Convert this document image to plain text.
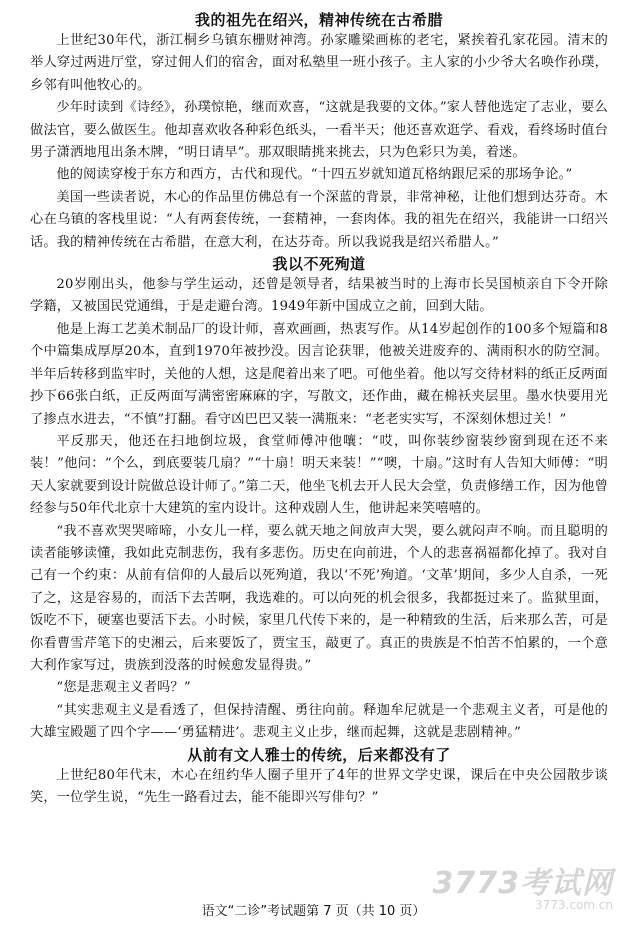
我的祖先在绍兴，精神传统在古希腊

上世纪30年代，浙江桐乡乌镇东栅财神湾。孙家雕梁画栋的老宅，紧挨着孔家花园。清末的举人穿过两进厅堂，穿过佣人们的宿舍，面对私塾里一班小孩子。主人家的小少爷大名唤作孙璞，乡邻有叫他牧心的。

少年时读到《诗经》，孙璞惊艳，继而欢喜，“这就是我要的文体。”家人替他选定了志业，要么做法官，要么做医生。他却喜欢收各种彩色纸头，一看半天；他还喜欢逛学、看戏，看终场时值台男子潇洒地甩出条木牌，“明日请早”。那双眼睛挑来挑去，只为色彩只为美，着迷。

他的阅读穿梭于东方和西方，古代和现代。“十四五岁就知道瓦格纳跟尼采的那场争论。”

美国一些读者说，木心的作品里仿佛总有一个深蓝的背景，非常神秘，让他们想到达芬奇。木心在乌镇的客栈里说：“人有两套传统，一套精神，一套肉体。我的祖先在绍兴，我能讲一口绍兴话。我的精神传统在古希腊，在意大利，在达芬奇。所以我说我是绍兴希腊人。”

我以不死殉道

20岁刚出头，他参与学生运动，还曾是领导者，结果被当时的上海市长吴国桢亲自下令开除学籍，又被国民党通缉，于是走避台湾。1949年新中国成立之前，回到大陆。

他是上海工艺美术制品厂的设计师，喜欢画画，热衷写作。从14岁起创作的100多个短篇和8个中篇集成厚厚20本，直到1970年被抄没。因言论获罪，他被关进废弃的、满雨积水的防空洞。半年后转移到监牢时，关他的人想，这是爬着出来了吧。可他坐着。他以写交待材料的纸正反两面抄下66张白纸，正反两面写满密密麻麻的字，写散文，还作曲，藏在棉袄夹层里。墨水快要用光了掺点水进去，“不慎”打翻。看守凶巴巴又装一满瓶来：“老老实实写，不深刻休想过关！”

平反那天，他还在扫地倒垃圾，食堂师傅冲他嚷：“哎，叫你装纱窗装纱窗到现在还不来装！”他问：“个么，到底要装几扇？”“十扇！明天来装！”“噢，十扇。”这时有人告知大师傅：“明天人家就要到设计院做总设计师了。”第二天，他坐飞机去开人民大会堂，负责修缮工作，因为他曾经参与50年代北京十大建筑的室内设计。这种戏剧人生，他讲起来笑嘻嘻的。

“我不喜欢哭哭啼啼，小女儿一样，要么就天地之间放声大哭，要么就闷声不响。而且聪明的读者能够读懂，我如此克制悲伤，我有多悲伤。历史在向前进，个人的悲喜祸福都化掉了。我对自己有一个约束：从前有信仰的人最后以死殉道，我以‘不死’殉道。‘文革’期间，多少人自杀，一死了之，这是容易的，而活下去苦啊，我选难的。可以向死的机会很多，我都挺过来了。监狱里面，饭吃不下，硬塞也要活下去。小时候，家里几代传下来的，是一种精致的生活，后来那么苦，可是你看曹雪芹笔下的史湘云，后来要饭了，贾宝玉，敲更了。真正的贵族是不怕苦不怕累的，一个意大利作家写过，贵族到没落的时候愈发显得贵。”

“您是悲观主义者吗？”

“其实悲观主义是看透了，但保持清醒、勇往向前。释迦牟尼就是一个悲观主义者，可是他的大雄宝殿题了四个字——‘勇猛精进’。悲观主义止步，继而起舞，这就是悲剧精神。”

从前有文人雅士的传统，后来都没有了

上世纪80年代末，木心在纽约华人圈子里开了4年的世界文学史课，课后在中央公园散步谈笑，一位学生说，“先生一路看过去，能不能即兴写俳句？”

3773考试网
3773.com.cn
语文“二诊”考试题第 7 页（共 10 页）
